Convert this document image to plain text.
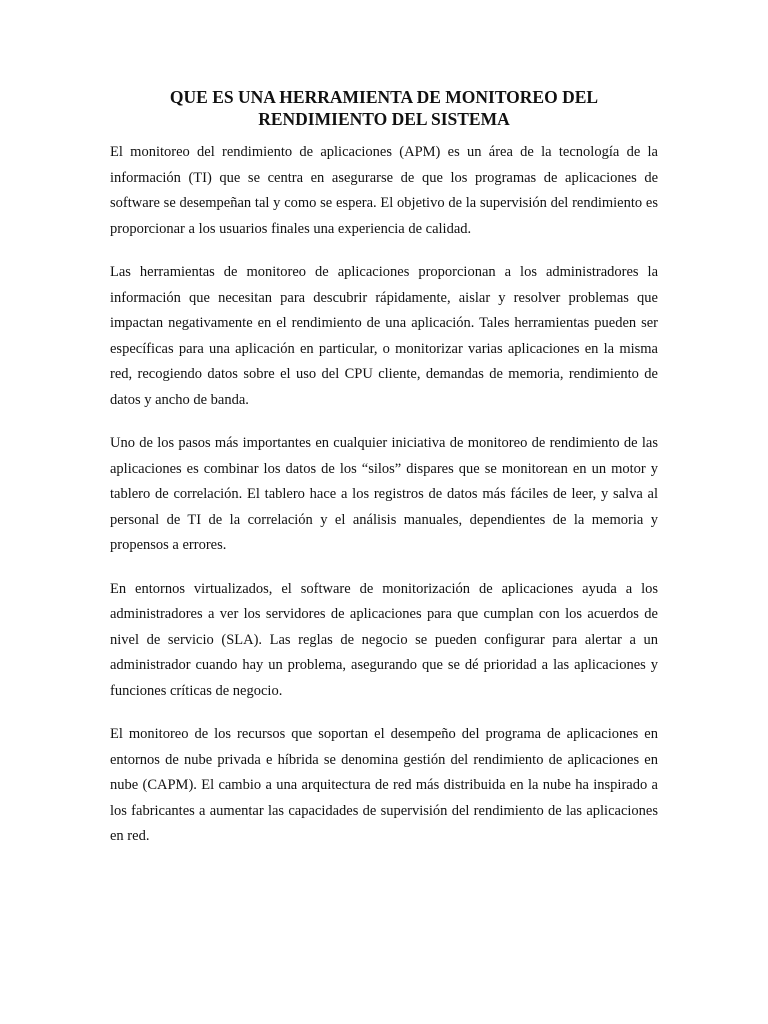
QUE ES UNA HERRAMIENTA DE MONITOREO DEL RENDIMIENTO DEL SISTEMA

El monitoreo del rendimiento de aplicaciones (APM) es un área de la tecnología de la información (TI) que se centra en asegurarse de que los programas de aplicaciones de software se desempeñan tal y como se espera. El objetivo de la supervisión del rendimiento es proporcionar a los usuarios finales una experiencia de calidad.

Las herramientas de monitoreo de aplicaciones proporcionan a los administradores la información que necesitan para descubrir rápidamente, aislar y resolver problemas que impactan negativamente en el rendimiento de una aplicación. Tales herramientas pueden ser específicas para una aplicación en particular, o monitorizar varias aplicaciones en la misma red, recogiendo datos sobre el uso del CPU cliente, demandas de memoria, rendimiento de datos y ancho de banda.

Uno de los pasos más importantes en cualquier iniciativa de monitoreo de rendimiento de las aplicaciones es combinar los datos de los “silos” dispares que se monitorean en un motor y tablero de correlación. El tablero hace a los registros de datos más fáciles de leer, y salva al personal de TI de la correlación y el análisis manuales, dependientes de la memoria y propensos a errores.

En entornos virtualizados, el software de monitorización de aplicaciones ayuda a los administradores a ver los servidores de aplicaciones para que cumplan con los acuerdos de nivel de servicio (SLA). Las reglas de negocio se pueden configurar para alertar a un administrador cuando hay un problema, asegurando que se dé prioridad a las aplicaciones y funciones críticas de negocio.

El monitoreo de los recursos que soportan el desempeño del programa de aplicaciones en entornos de nube privada e híbrida se denomina gestión del rendimiento de aplicaciones en nube (CAPM). El cambio a una arquitectura de red más distribuida en la nube ha inspirado a los fabricantes a aumentar las capacidades de supervisión del rendimiento de las aplicaciones en red.
